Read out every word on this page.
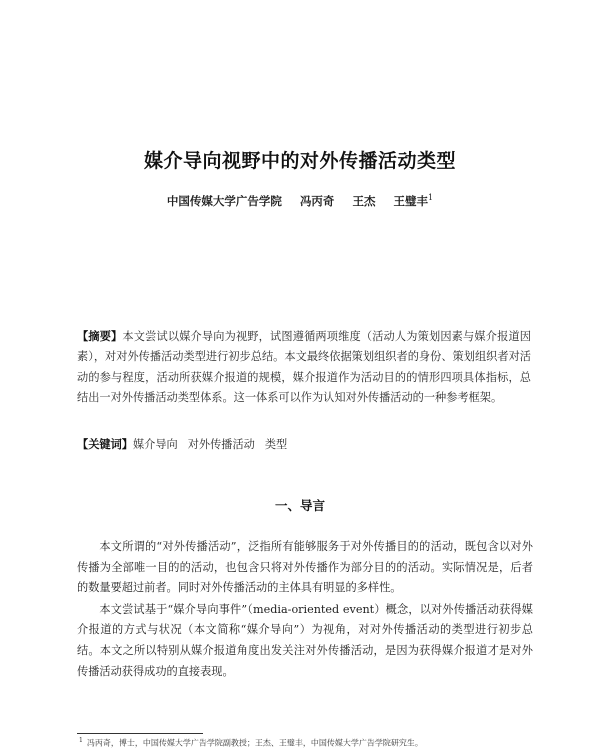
媒介导向视野中的对外传播活动类型
中国传媒大学广告学院 冯丙奇 王杰 王璧丰$^1$
【摘要】本文尝试以媒介导向为视野，试图遵循两项维度（活动人为策划因素与媒介报道因素），对对外传播活动类型进行初步总结。本文最终依据策划组织者的身份、策划组织者对活动的参与程度，活动所获媒介报道的规模，媒介报道作为活动目的的情形四项具体指标，总结出一对外传播活动类型体系。这一体系可以作为认知对外传播活动的一种参考框架。
【关键词】媒介导向 对外传播活动 类型
一、导言

本文所谓的“对外传播活动”，泛指所有能够服务于对外传播目的的活动，既包含以对外传播为全部唯一目的的活动，也包含只将对外传播作为部分目的的活动。实际情况是，后者的数量要超过前者。同时对外传播活动的主体具有明显的多样性。

本文尝试基于“媒介导向事件”（media-oriented event）概念，以对外传播活动获得媒介报道的方式与状况（本文简称“媒介导向”）为视角，对对外传播活动的类型进行初步总结。本文之所以特别从媒介报道角度出发关注对外传播活动，是因为获得媒介报道才是对外传播活动获得成功的直接表现。

$^1$ 冯丙奇，博士，中国传媒大学广告学院副教授；王杰、王璧丰，中国传媒大学广告学院研究生。
